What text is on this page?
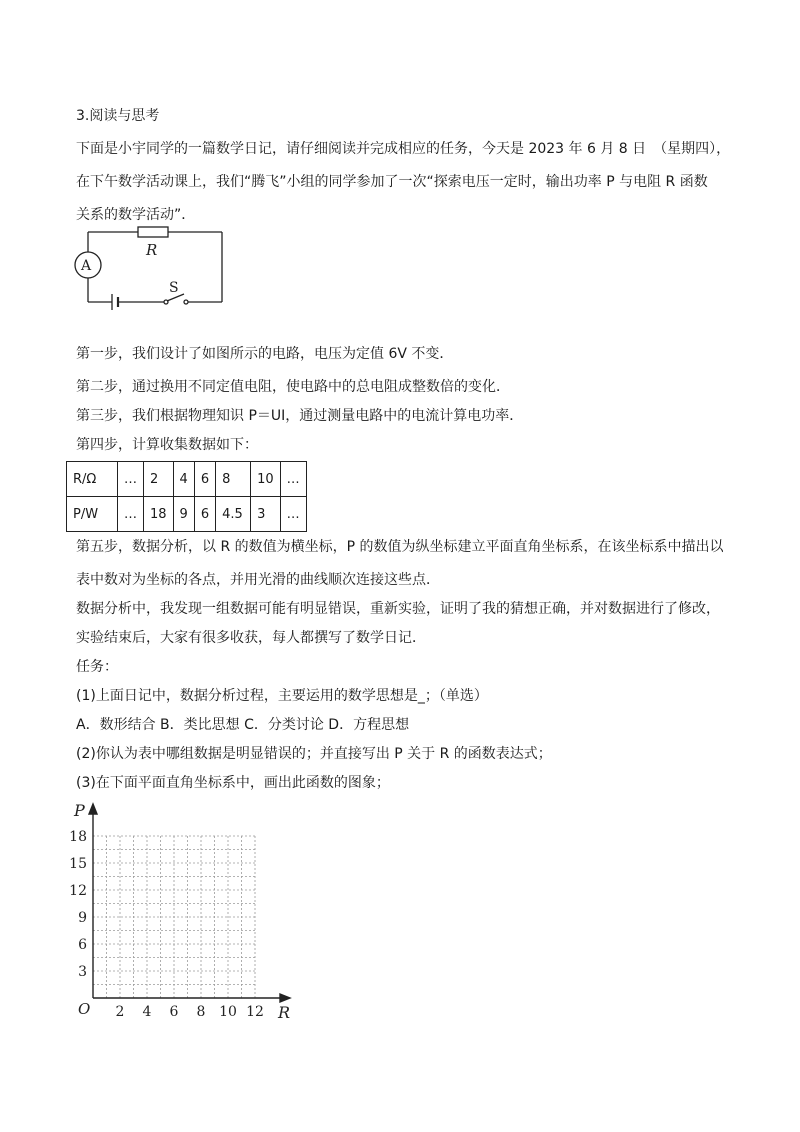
3.阅读与思考
下面是小宇同学的一篇数学日记，请仔细阅读并完成相应的任务，今天是 2023 年 6 月 8 日　（星期四），
在下午数学活动课上，我们“腾飞”小组的同学参加了一次“探索电压一定时，输出功率 P 与电阻 R 函数
关系的数学活动”．
R
A
S
第一步，我们设计了如图所示的电路，电压为定值 6V 不变．
第二步，通过换用不同定值电阻，使电路中的总电阻成整数倍的变化．
第三步，我们根据物理知识 P＝UI，通过测量电路中的电流计算电功率．
第四步，计算收集数据如下：
R/Ω	…	2	4	6	8	10	…
P/W	…	18	9	6	4.5	3	…
第五步，数据分析，以 R 的数值为横坐标，P 的数值为纵坐标建立平面直角坐标系，在该坐标系中描出以
表中数对为坐标的各点，并用光滑的曲线顺次连接这些点．
数据分析中，我发现一组数据可能有明显错误，重新实验，证明了我的猜想正确，并对数据进行了修改，
实验结束后，大家有很多收获，每人都撰写了数学日记．
任务：
(1)上面日记中，数据分析过程，主要运用的数学思想是_；（单选）
A．数形结合 B．类比思想 C．分类讨论 D．方程思想
(2)你认为表中哪组数据是明显错误的；并直接写出 P 关于 R 的函数表达式；
(3)在下面平面直角坐标系中，画出此函数的图象；
3
6
9
12
15
18
2 4 6 8 10 12
P
R
O
